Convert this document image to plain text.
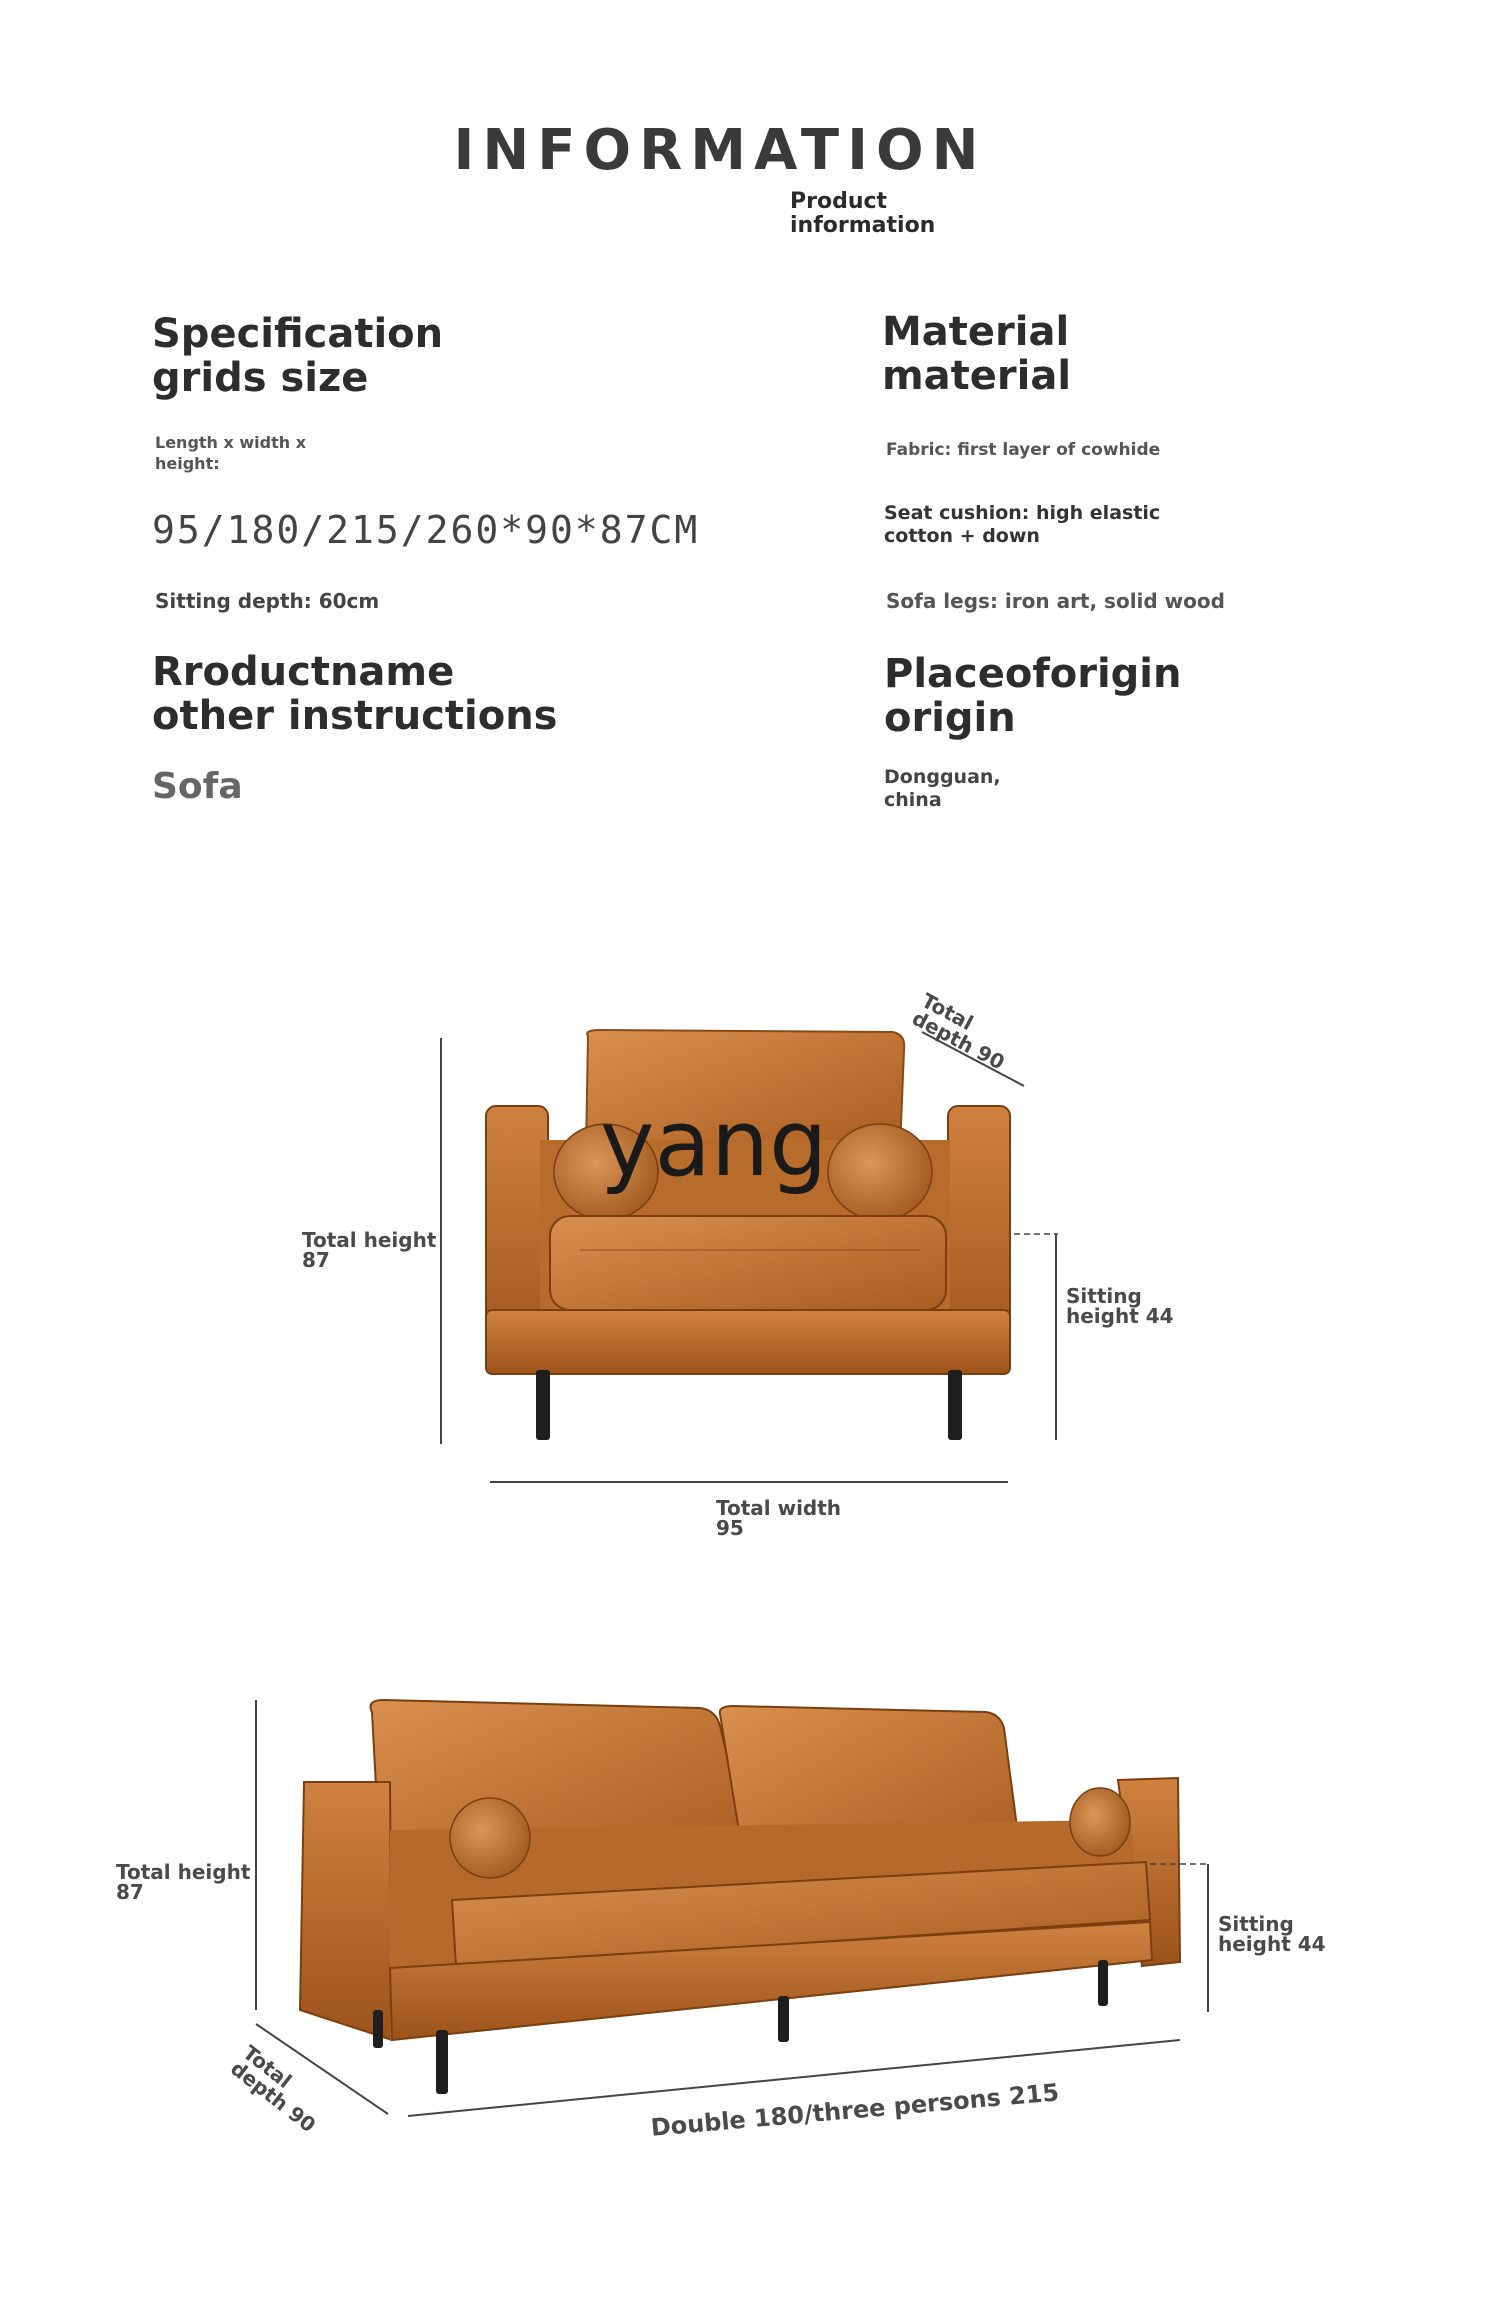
INFORMATION
Product
information
Specification
grids size
Length x width x
height:
95/180/215/260*90*87CM
Sitting depth: 60cm
Rroductname
other instructions
Sofa
Material
material
Fabric: first layer of cowhide
Seat cushion: high elastic
cotton + down
Sofa legs: iron art, solid wood
Placeoforigin
origin
Dongguan,
china
yang
Total
depth 90
Total height
87
Sitting
height 44
Total width
95
Total height
87
Sitting
height 44
Total
depth 90	Double 180/three persons 215
